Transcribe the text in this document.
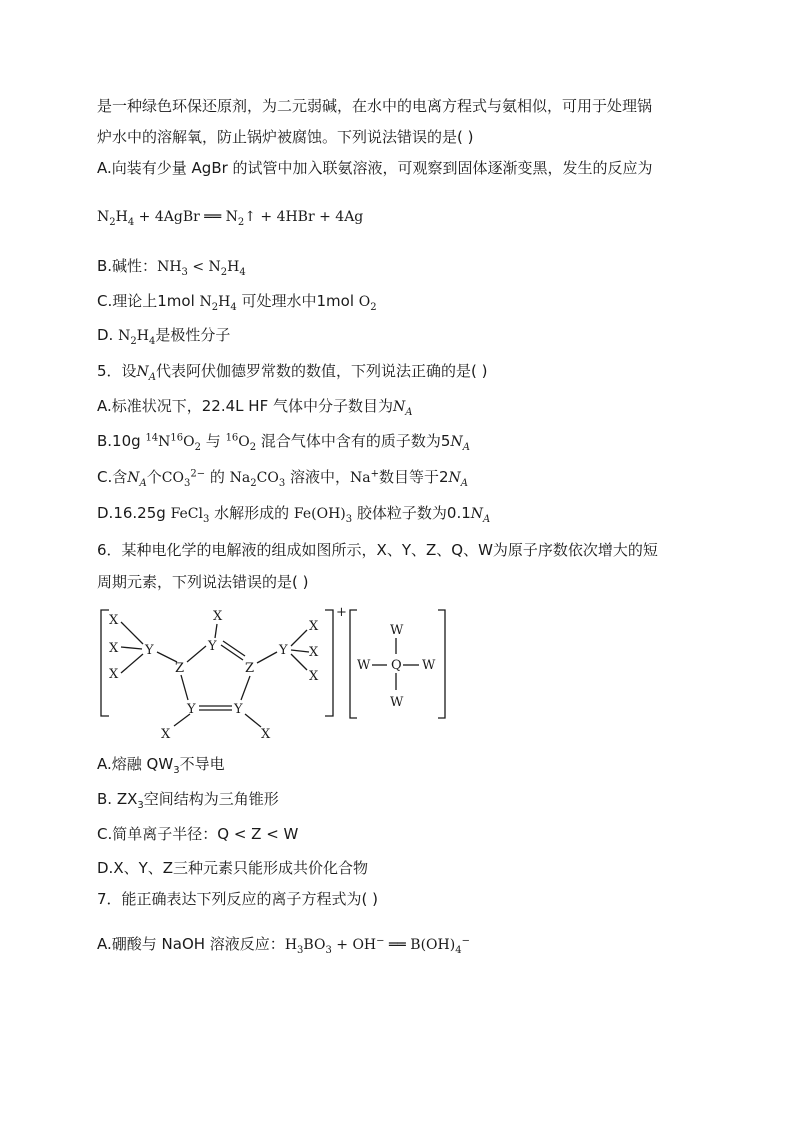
是一种绿色环保还原剂，为二元弱碱，在水中的电离方程式与氨相似，可用于处理锅
炉水中的溶解氧，防止锅炉被腐蚀。下列说法错误的是( )
A.向装有少量 AgBr 的试管中加入联氨溶液，可观察到固体逐渐变黑，发生的反应为
$N_2H_4$ + 4AgBr ══ $N_2↑ + 4HBr + 4Ag$
B.碱性：$NH_3 < N_2H_4$
C.理论上1mol $N_2H_4$ 可处理水中1mol $O_2$
D. $N_2H_4$是极性分子
5．设$N_A$代表阿伏伽德罗常数的数值，下列说法正确的是( )
A.标准状况下，22.4L HF 气体中分子数目为$N_A$
B.10g $^{14}N^{16}O_2$ 与 $^{16}O_2$ 混合气体中含有的质子数为$5N_A$
C.含$N_A$个$CO_3^{2-}$ 的 $Na_2CO_3$ 溶液中，Na+数目等于$2N_A$
D.16.25g FeCl$_3$ 水解形成的 $Fe(OH)_3$ 胶体粒子数为$0.1N_A$
6．某种电化学的电解液的组成如图所示，X、Y、Z、Q、W为原子序数依次增大的短
周期元素，下列说法错误的是( )
+
X
X
X
Y
Z
Y
Z
Y	Y
X
X	X
Y
X
X
X
W
W Q W
W
A.熔融 $QW_3$不导电
B. $ZX_3$空间结构为三角锥形
C.简单离子半径：Q < Z < W
D.X、Y、Z三种元素只能形成共价化合物
7．能正确表达下列反应的离子方程式为( )
A.硼酸与 NaOH 溶液反应：$H_3BO_3 + OH^-$ ══ $B(OH)_4^-$
